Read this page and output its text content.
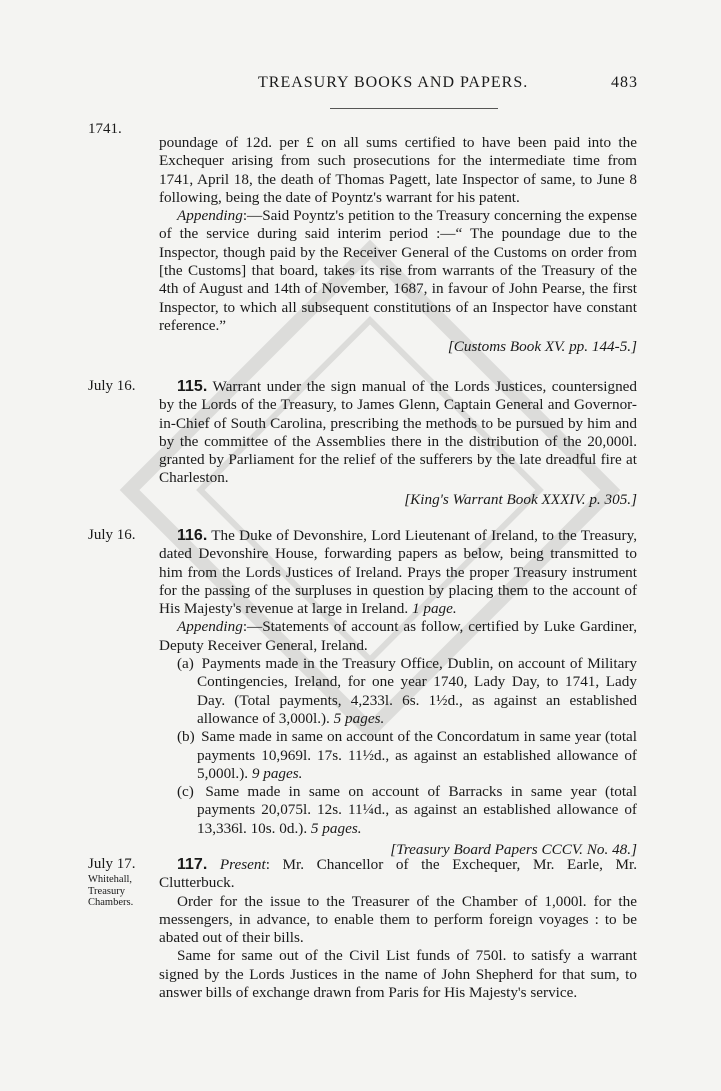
TREASURY BOOKS AND PAPERS.	483
1741.

poundage of 12d. per £ on all sums certified to have been paid into the Exchequer arising from such prosecutions for the intermediate time from 1741, April 18, the death of Thomas Pagett, late Inspector of same, to June 8 following, being the date of Poyntz's warrant for his patent.

Appending:—Said Poyntz's petition to the Treasury concerning the expense of the service during said interim period :—“ The poundage due to the Inspector, though paid by the Receiver General of the Customs on order from [the Customs] that board, takes its rise from warrants of the Treasury of the 4th of August and 14th of November, 1687, in favour of John Pearse, the first Inspector, to which all subsequent constitutions of an Inspector have constant reference.”

[Customs Book XV. pp. 144-5.]

July 16.	115. Warrant under the sign manual of the Lords Justices, countersigned by the Lords of the Treasury, to James Glenn, Captain General and Governor-in-Chief of South Carolina, prescribing the methods to be pursued by him and by the committee of the Assemblies there in the distribution of the 20,000l. granted by Parliament for the relief of the sufferers by the late dreadful fire at Charleston.

[King's Warrant Book XXXIV. p. 305.]

July 16.	116. The Duke of Devonshire, Lord Lieutenant of Ireland, to the Treasury, dated Devonshire House, forwarding papers as below, being transmitted to him from the Lords Justices of Ireland. Prays the proper Treasury instrument for the passing of the surpluses in question by placing them to the account of His Majesty's revenue at large in Ireland. 1 page.

Appending:—Statements of account as follow, certified by Luke Gardiner, Deputy Receiver General, Ireland.

(a) Payments made in the Treasury Office, Dublin, on account of Military Contingencies, Ireland, for one year 1740, Lady Day, to 1741, Lady Day. (Total payments, 4,233l. 6s. 1½d., as against an established allowance of 3,000l.). 5 pages.

(b) Same made in same on account of the Concordatum in same year (total payments 10,969l. 17s. 11½d., as against an established allowance of 5,000l.). 9 pages.

(c) Same made in same on account of Barracks in same year (total payments 20,075l. 12s. 11¼d., as against an established allowance of 13,336l. 10s. 0d.). 5 pages.

[Treasury Board Papers CCCV. No. 48.]

July 17.
Whitehall, Treasury Chambers.

117. Present: Mr. Chancellor of the Exchequer, Mr. Earle, Mr. Clutterbuck.

Order for the issue to the Treasurer of the Chamber of 1,000l. for the messengers, in advance, to enable them to perform foreign voyages : to be abated out of their bills.

Same for same out of the Civil List funds of 750l. to satisfy a warrant signed by the Lords Justices in the name of John Shepherd for that sum, to answer bills of exchange drawn from Paris for His Majesty's service.
